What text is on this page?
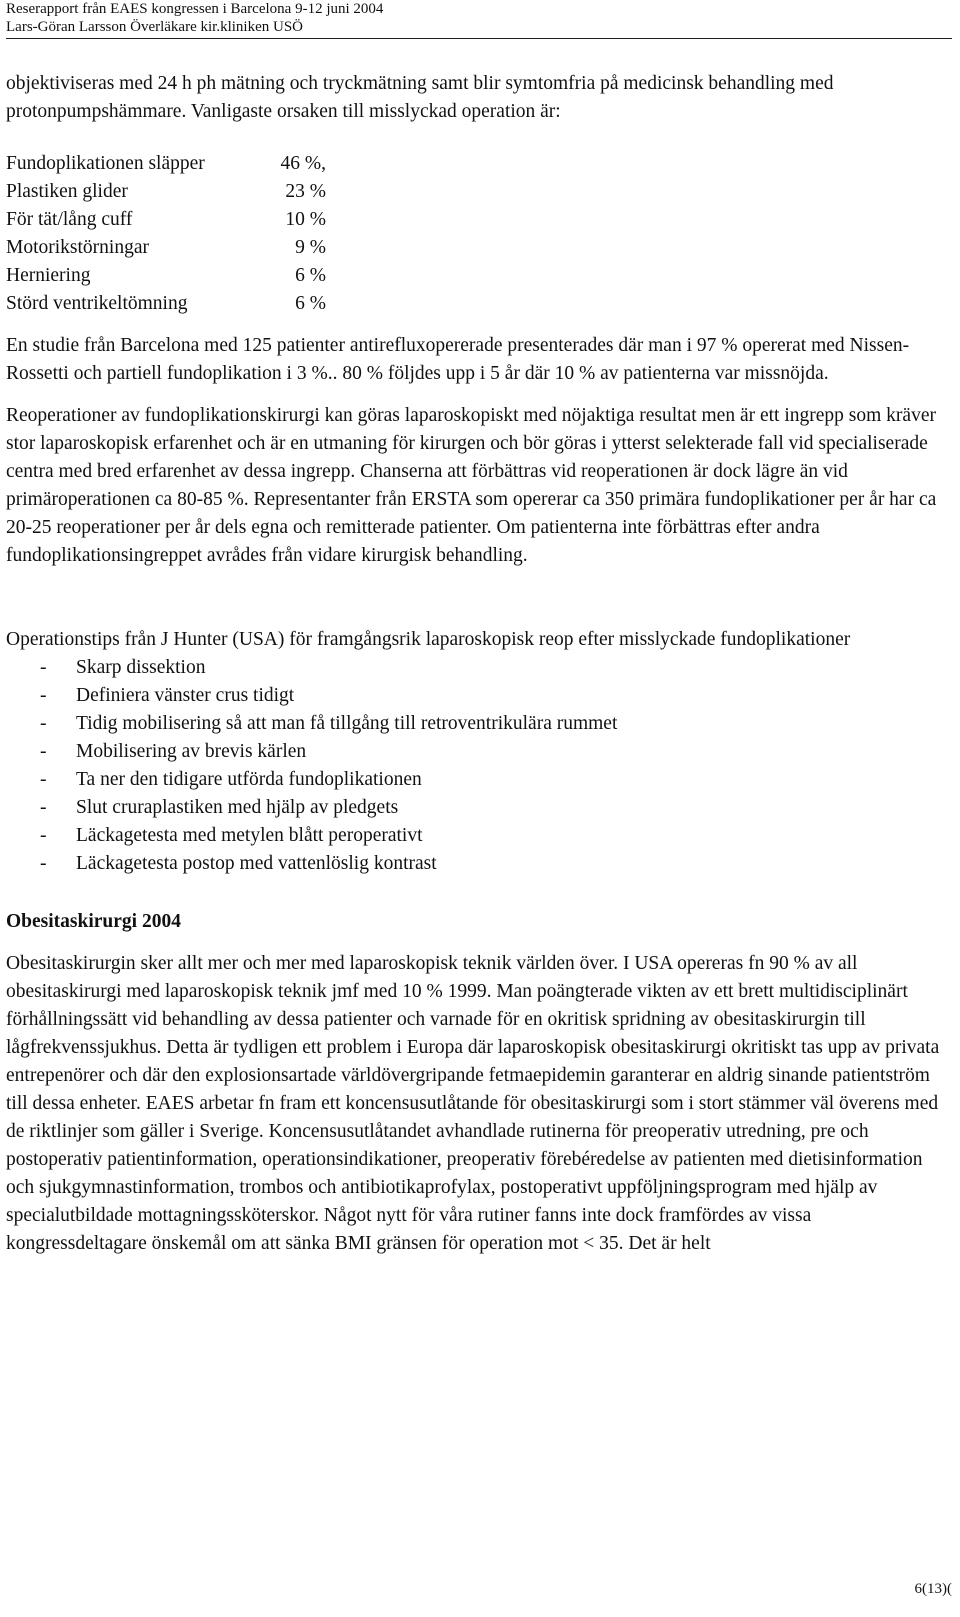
Reserapport från EAES kongressen i Barcelona 9-12 juni 2004
Lars-Göran Larsson Överläkare kir.kliniken USÖ

objektiviseras med 24 h ph mätning och tryckmätning samt blir symtomfria på medicinsk behandling med protonpumpshämmare. Vanligaste orsaken till misslyckad operation är:

Fundoplikationen släpper	46 %,
Plastiken glider	23 %
För tät/lång cuff	10 %
Motorikstörningar	9 %
Herniering	6 %
Störd ventrikeltömning	6 %

En studie från Barcelona med 125 patienter antirefluxopererade presenterades där man i 97 % opererat med Nissen-Rossetti och partiell fundoplikation i 3 %.. 80 % följdes upp i 5 år där 10 % av patienterna var missnöjda.

Reoperationer av fundoplikationskirurgi kan göras laparoskopiskt med nöjaktiga resultat men är ett ingrepp som kräver stor laparoskopisk erfarenhet och är en utmaning för kirurgen och bör göras i ytterst selekterade fall vid specialiserade centra med bred erfarenhet av dessa ingrepp. Chanserna att förbättras vid reoperationen är dock lägre än vid primäroperationen ca 80-85 %. Representanter från ERSTA som opererar ca 350 primära fundoplikationer per år har ca 20-25 reoperationer per år dels egna och remitterade patienter. Om patienterna inte förbättras efter andra fundoplikationsingreppet avrådes från vidare kirurgisk behandling.

Operationstips från J Hunter (USA) för framgångsrik laparoskopisk reop efter misslyckade fundoplikationer

- Skarp dissektion
- Definiera vänster crus tidigt
- Tidig mobilisering så att man få tillgång till retroventrikulära rummet
- Mobilisering av brevis kärlen
- Ta ner den tidigare utförda fundoplikationen
- Slut cruraplastiken med hjälp av pledgets
- Läckagetesta med metylen blått peroperativt
- Läckagetesta postop med vattenlöslig kontrast

Obesitaskirurgi 2004

Obesitaskirurgin sker allt mer och mer med laparoskopisk teknik världen över. I USA opereras fn 90 % av all obesitaskirurgi med laparoskopisk teknik jmf med 10 % 1999. Man poängterade vikten av ett brett multidisciplinärt förhållningssätt vid behandling av dessa patienter och varnade för en okritisk spridning av obesitaskirurgin till lågfrekvenssjukhus. Detta är tydligen ett problem i Europa där laparoskopisk obesitaskirurgi okritiskt tas upp av privata entrepenörer och där den explosionsartade världövergripande fetmaepidemin garanterar en aldrig sinande patientström till dessa enheter. EAES arbetar fn fram ett koncensusutlåtande för obesitaskirurgi som i stort stämmer väl överens med de riktlinjer som gäller i Sverige. Koncensusutlåtandet avhandlade rutinerna för preoperativ utredning, pre och postoperativ patientinformation, operationsindikationer, preoperativ förebéredelse av patienten med dietisinformation och sjukgymnastinformation, trombos och antibiotikaprofylax, postoperativt uppföljningsprogram med hjälp av specialutbildade mottagningssköterskor. Något nytt för våra rutiner fanns inte dock framfördes av vissa kongressdeltagare önskemål om att sänka BMI gränsen för operation mot < 35. Det är helt

6(13)(
